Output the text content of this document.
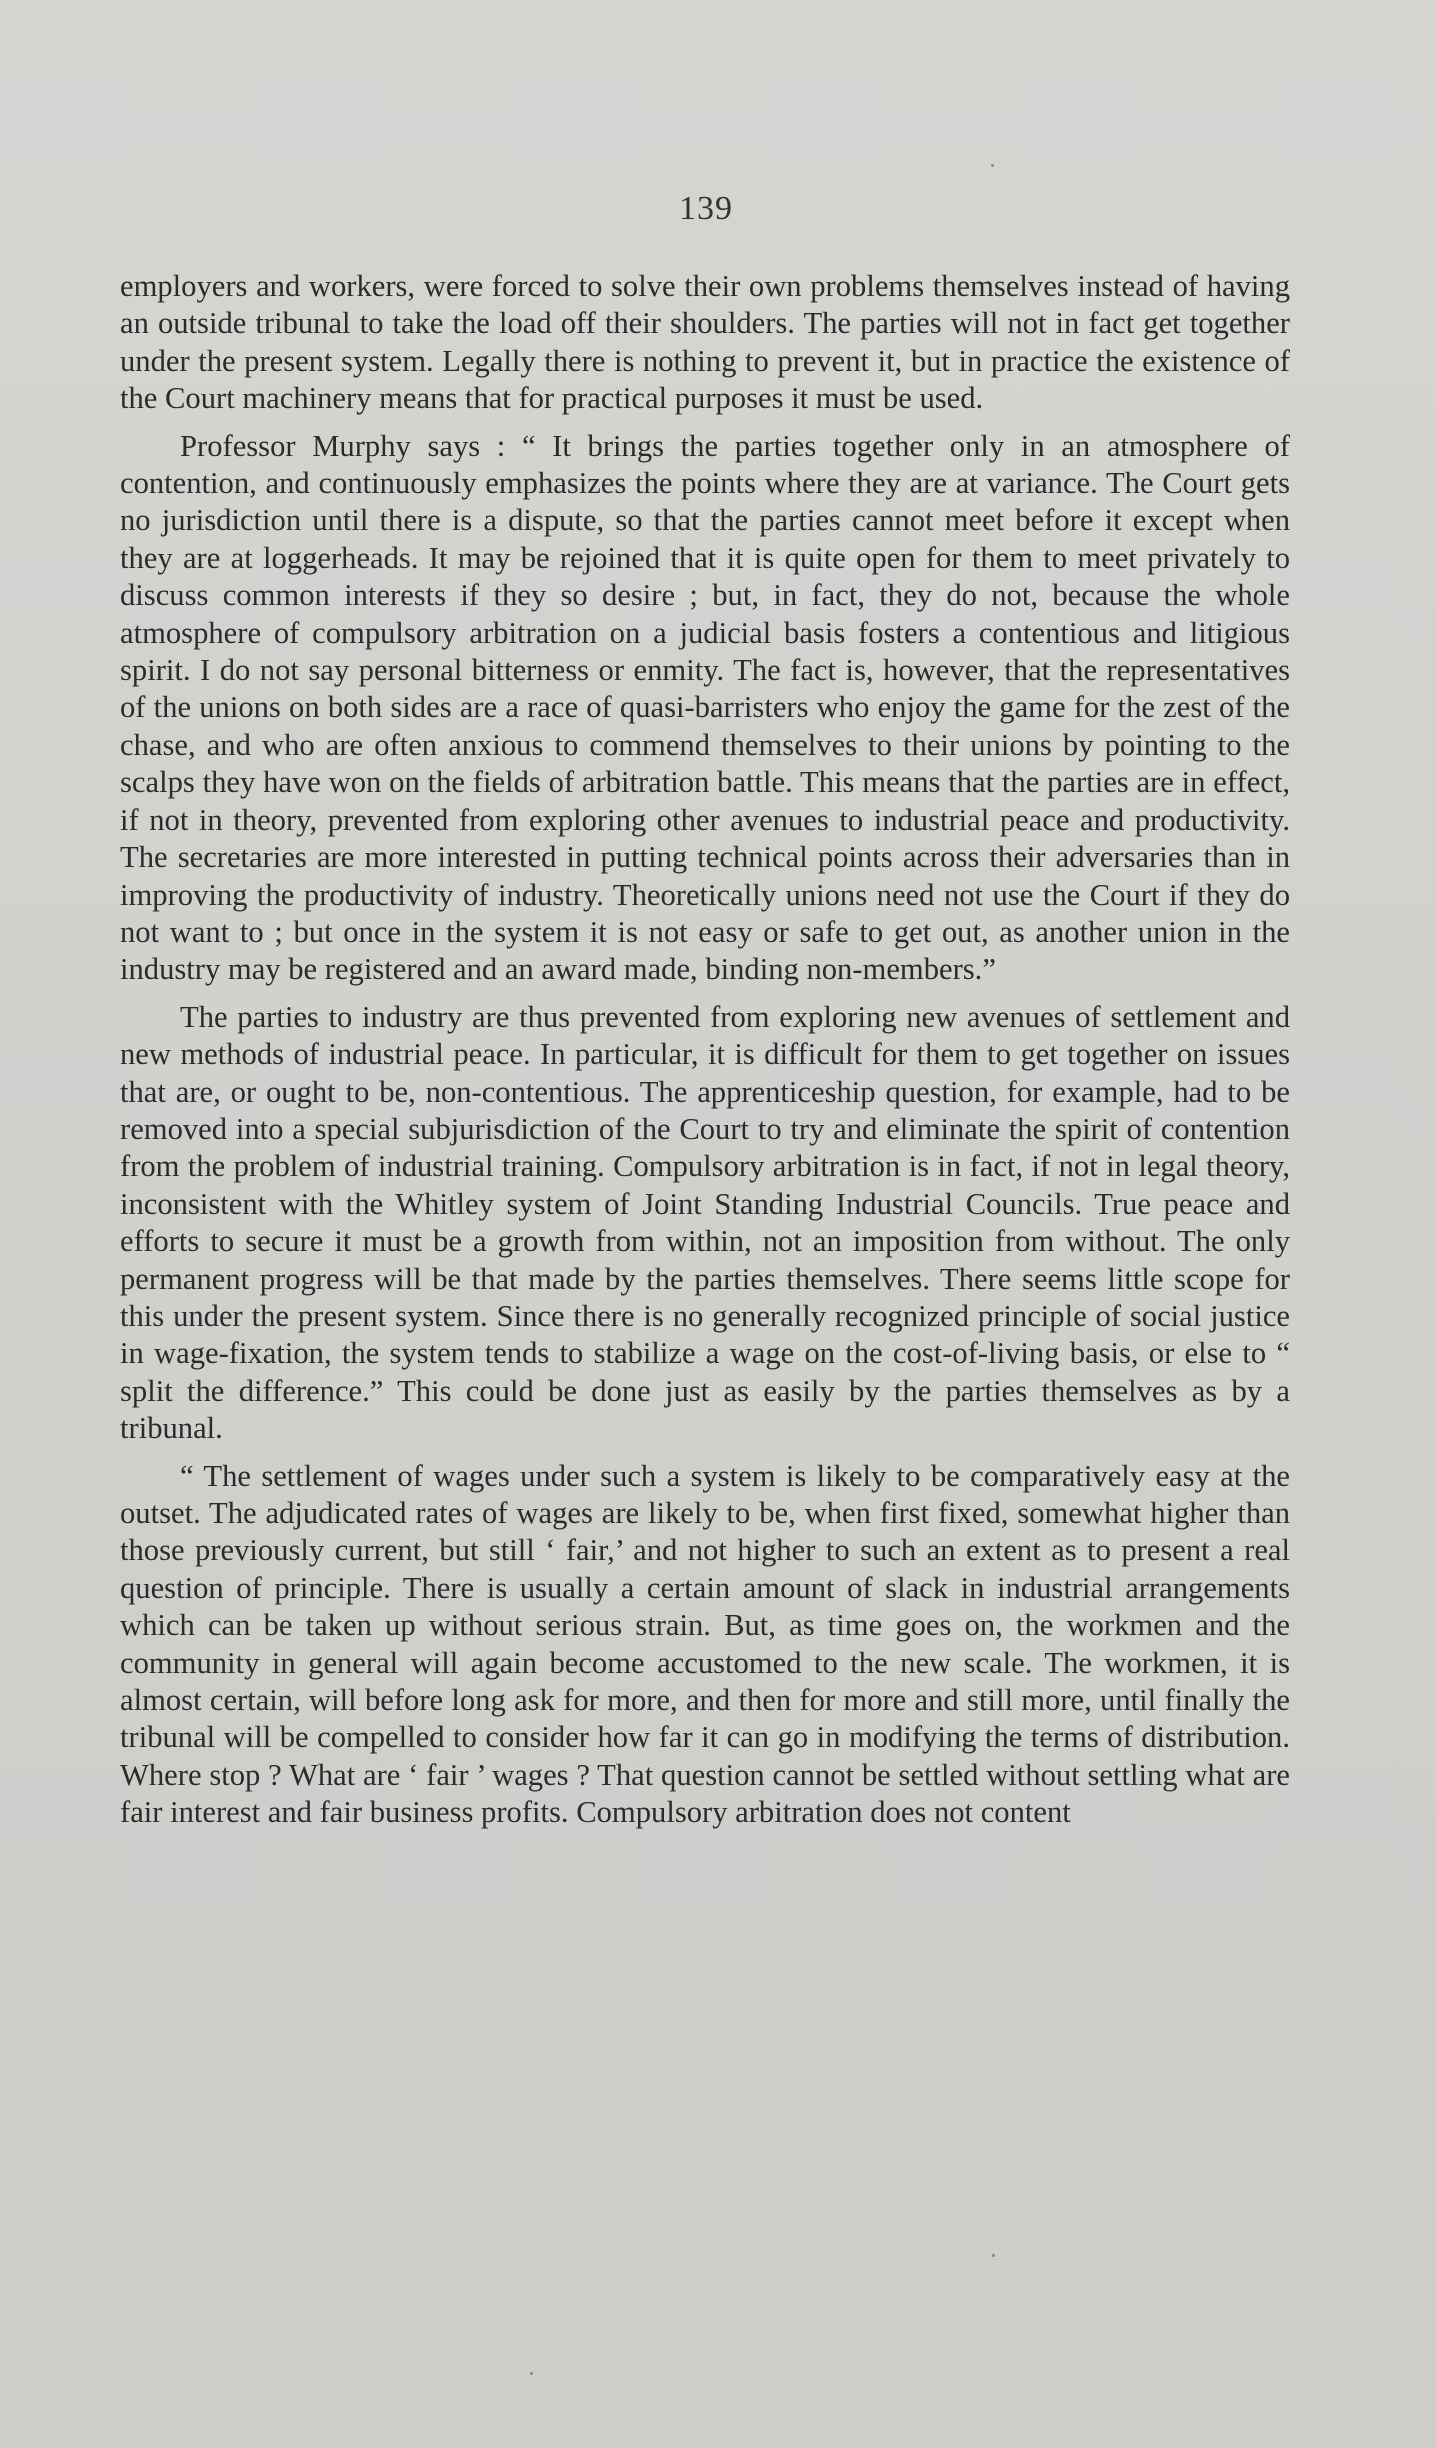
139

employers and workers, were forced to solve their own problems themselves instead of having an outside tribunal to take the load off their shoulders. The parties will not in fact get together under the present system. Legally there is nothing to prevent it, but in practice the existence of the Court machinery means that for practical purposes it must be used.

Professor Murphy says : “ It brings the parties together only in an atmosphere of contention, and continuously emphasizes the points where they are at variance. The Court gets no jurisdiction until there is a dispute, so that the parties cannot meet before it except when they are at loggerheads. It may be rejoined that it is quite open for them to meet privately to discuss common interests if they so desire ; but, in fact, they do not, because the whole atmosphere of compulsory arbitration on a judicial basis fosters a contentious and litigious spirit. I do not say personal bitterness or enmity. The fact is, however, that the representatives of the unions on both sides are a race of quasi-barristers who enjoy the game for the zest of the chase, and who are often anxious to commend themselves to their unions by pointing to the scalps they have won on the fields of arbitration battle. This means that the parties are in effect, if not in theory, prevented from exploring other avenues to industrial peace and productivity. The secretaries are more interested in putting technical points across their adversaries than in improving the productivity of industry. Theoretically unions need not use the Court if they do not want to ; but once in the system it is not easy or safe to get out, as another union in the industry may be registered and an award made, binding non-members.”

The parties to industry are thus prevented from exploring new avenues of settlement and new methods of industrial peace. In particular, it is difficult for them to get together on issues that are, or ought to be, non-contentious. The apprenticeship question, for example, had to be removed into a special subjurisdiction of the Court to try and eliminate the spirit of contention from the problem of industrial training. Compulsory arbitration is in fact, if not in legal theory, inconsistent with the Whitley system of Joint Standing Industrial Councils. True peace and efforts to secure it must be a growth from within, not an imposition from without. The only permanent progress will be that made by the parties themselves. There seems little scope for this under the present system. Since there is no generally recognized principle of social justice in wage-fixation, the system tends to stabilize a wage on the cost-of-living basis, or else to “ split the difference.” This could be done just as easily by the parties themselves as by a tribunal.

“ The settlement of wages under such a system is likely to be comparatively easy at the outset. The adjudicated rates of wages are likely to be, when first fixed, somewhat higher than those previously current, but still ‘ fair,’ and not higher to such an extent as to present a real question of principle. There is usually a certain amount of slack in industrial arrangements which can be taken up without serious strain. But, as time goes on, the workmen and the community in general will again become accustomed to the new scale. The workmen, it is almost certain, will before long ask for more, and then for more and still more, until finally the tribunal will be compelled to consider how far it can go in modifying the terms of distribution. Where stop ? What are ‘ fair ’ wages ? That question cannot be settled without settling what are fair interest and fair business profits. Compulsory arbitration does not content
